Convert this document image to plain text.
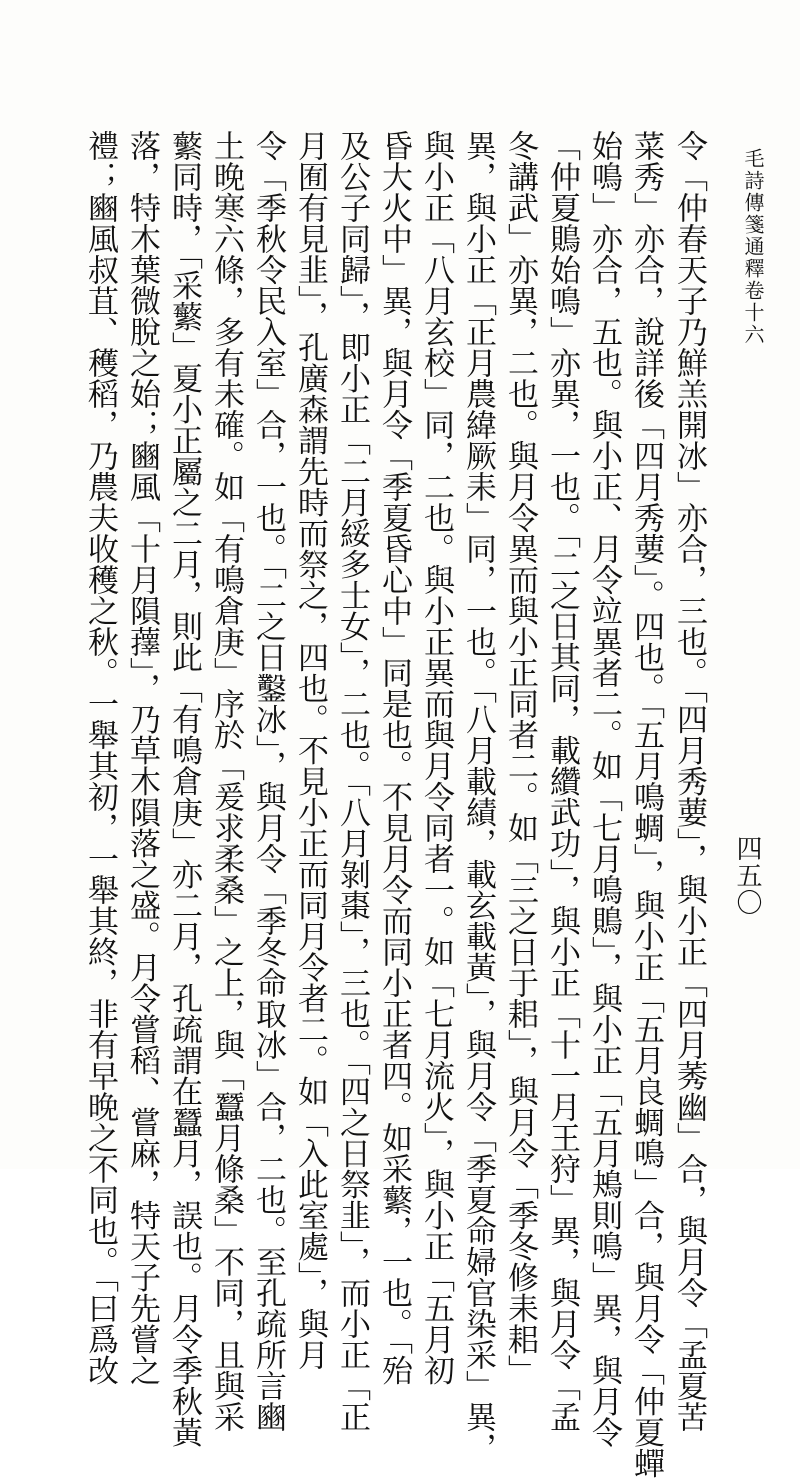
毛詩傳箋通釋卷十六
四五〇
令「仲春天子乃鮮羔開冰」亦合，三也。「四月秀葽」，與小正「四月莠幽」合，與月令「孟夏苦
菜秀」亦合，說詳後「四月秀葽」。四也。「五月鳴蜩」，與小正「五月良蜩鳴」合，與月令「仲夏蟬
始鳴」亦合，五也。與小正、月令竝異者二。如「七月鳴鵙」，與小正「五月鴂則鳴」異，與月令
「仲夏鵙始鳴」亦異，一也。「二之日其同，載纘武功」，與小正「十一月王狩」異，與月令「孟
冬講武」亦異，二也。與月令異而與小正同者二。如「三之日于耜」，與月令「季冬修耒耜」
異，與小正「正月農緯厥耒」同，一也。「八月載績，載玄載黃」，與月令「季夏命婦官染采」異，
與小正「八月玄校」同，二也。與小正異而與月令同者一。如「七月流火」，與小正「五月初
昏大火中」異，與月令「季夏昏心中」同是也。不見月令而同小正者四。如采蘩，一也。「殆
及公子同歸」，即小正「二月綏多士女」，二也。「八月剝棗」，三也。「四之日祭韭」，而小正「正
月囿有見韭」，孔廣森謂先時而祭之，四也。不見小正而同月令者二。如「入此室處」，與月
令「季秋令民入室」合，一也。「二之日鑿冰」，與月令「季冬命取冰」合，二也。至孔疏所言豳
土晚寒六條，多有未確。如「有鳴倉庚」序於「爰求柔桑」之上，與「蠶月條桑」不同，且與采
蘩同時，「采蘩」夏小正屬之二月，則此「有鳴倉庚」亦二月，孔疏謂在蠶月，誤也。月令季秋黃
落，特木葉微脫之始；豳風「十月隕蘀」，乃草木隕落之盛。月令嘗稻、嘗麻，特天子先嘗之
禮；豳風叔苴、穫稻，乃農夫收穫之秋。一舉其初，一舉其終，非有早晚之不同也。「曰爲改
